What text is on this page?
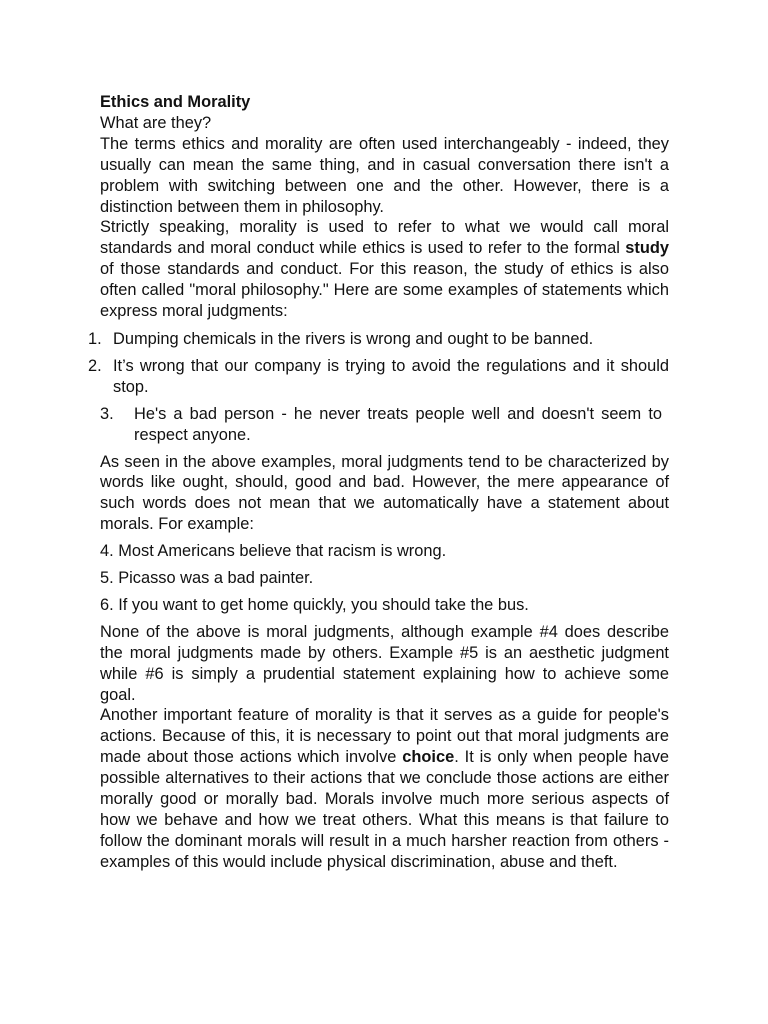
Ethics and Morality

What are they?

The terms ethics and morality are often used interchangeably - indeed, they usually can mean the same thing, and in casual conversation there isn't a problem with switching between one and the other. However, there is a distinction between them in philosophy.

Strictly speaking, morality is used to refer to what we would call moral standards and moral conduct while ethics is used to refer to the formal study of those standards and conduct. For this reason, the study of ethics is also often called "moral philosophy." Here are some examples of statements which express moral judgments:

1. Dumping chemicals in the rivers is wrong and ought to be banned.
2. It’s wrong that our company is trying to avoid the regulations and it should stop.
3.	He's a bad person - he never treats people well and doesn't seem to respect anyone.

As seen in the above examples, moral judgments tend to be characterized by words like ought, should, good and bad. However, the mere appearance of such words does not mean that we automatically have a statement about morals. For example:

4. Most Americans believe that racism is wrong.

5. Picasso was a bad painter.

6. If you want to get home quickly, you should take the bus.

None of the above is moral judgments, although example #4 does describe the moral judgments made by others. Example #5 is an aesthetic judgment while #6 is simply a prudential statement explaining how to achieve some goal.

Another important feature of morality is that it serves as a guide for people's actions. Because of this, it is necessary to point out that moral judgments are made about those actions which involve choice. It is only when people have possible alternatives to their actions that we conclude those actions are either morally good or morally bad. Morals involve much more serious aspects of how we behave and how we treat others. What this means is that failure to follow the dominant morals will result in a much harsher reaction from others - examples of this would include physical discrimination, abuse and theft.
